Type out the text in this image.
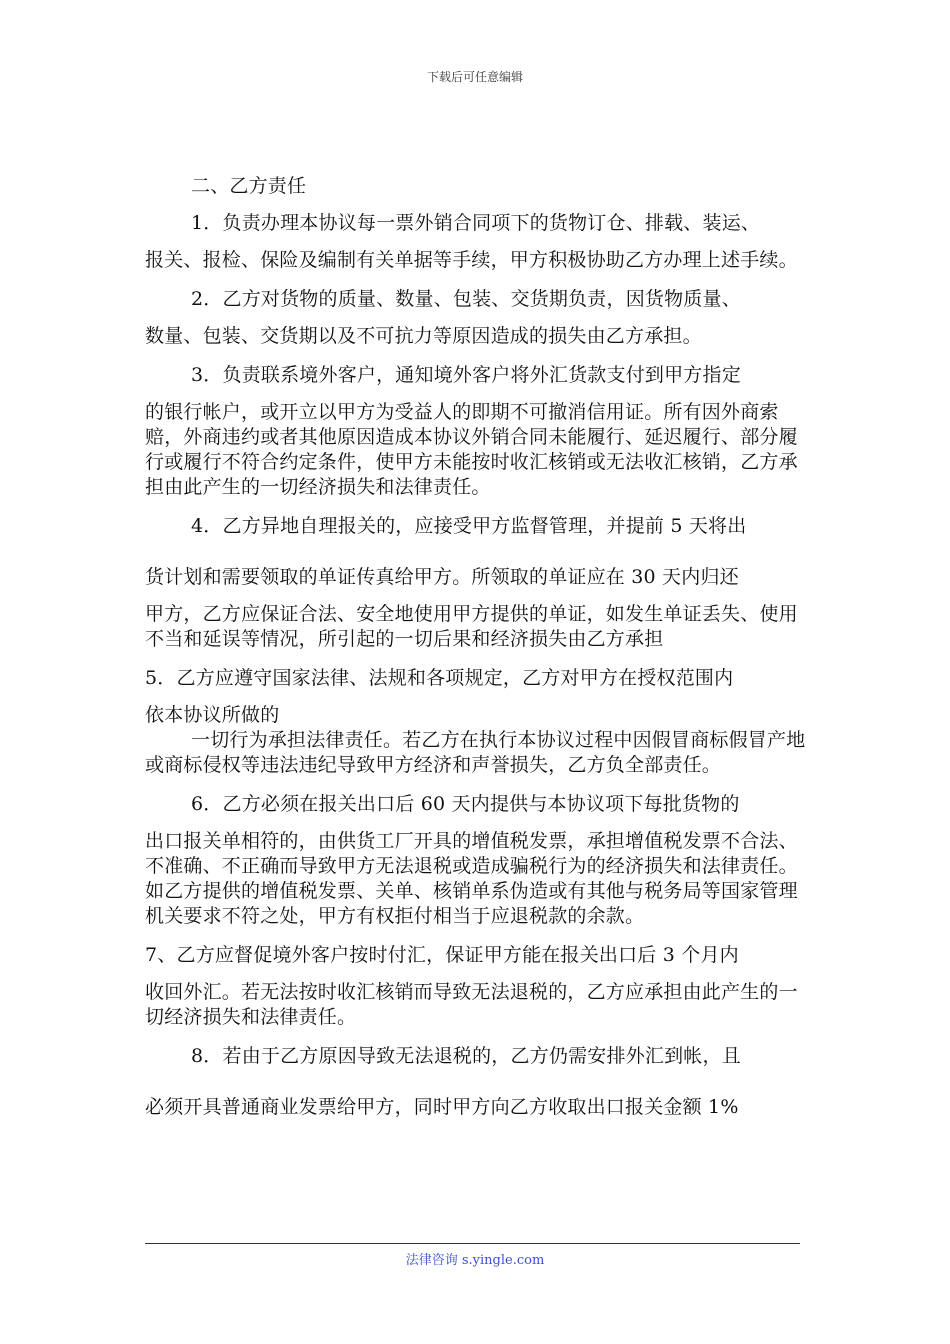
下载后可任意编辑

二、乙方责任

1．负责办理本协议每一票外销合同项下的货物订仓、排载、装运、

报关、报检、保险及编制有关单据等手续，甲方积极协助乙方办理上述手续。

2．乙方对货物的质量、数量、包装、交货期负责，因货物质量、

数量、包装、交货期以及不可抗力等原因造成的损失由乙方承担。

3．负责联系境外客户，通知境外客户将外汇货款支付到甲方指定

的银行帐户，或开立以甲方为受益人的即期不可撤消信用证。所有因外商索赔，外商违约或者其他原因造成本协议外销合同未能履行、延迟履行、部分履行或履行不符合约定条件，使甲方未能按时收汇核销或无法收汇核销，乙方承担由此产生的一切经济损失和法律责任。

4．乙方异地自理报关的，应接受甲方监督管理，并提前 5 天将出

货计划和需要领取的单证传真给甲方。所领取的单证应在 30 天内归还

甲方，乙方应保证合法、安全地使用甲方提供的单证，如发生单证丢失、使用不当和延误等情况，所引起的一切后果和经济损失由乙方承担

5．乙方应遵守国家法律、法规和各项规定，乙方对甲方在授权范围内

依本协议所做的

一切行为承担法律责任。若乙方在执行本协议过程中因假冒商标假冒产地或商标侵权等违法违纪导致甲方经济和声誉损失，乙方负全部责任。

6．乙方必须在报关出口后 60 天内提供与本协议项下每批货物的

出口报关单相符的，由供货工厂开具的增值税发票，承担增值税发票不合法、不准确、不正确而导致甲方无法退税或造成骗税行为的经济损失和法律责任。如乙方提供的增值税发票、关单、核销单系伪造或有其他与税务局等国家管理机关要求不符之处，甲方有权拒付相当于应退税款的余款。

7、乙方应督促境外客户按时付汇，保证甲方能在报关出口后 3 个月内

收回外汇。若无法按时收汇核销而导致无法退税的，乙方应承担由此产生的一切经济损失和法律责任。

8．若由于乙方原因导致无法退税的，乙方仍需安排外汇到帐，且

必须开具普通商业发票给甲方，同时甲方向乙方收取出口报关金额 1%

法律咨询 s.yingle.com
